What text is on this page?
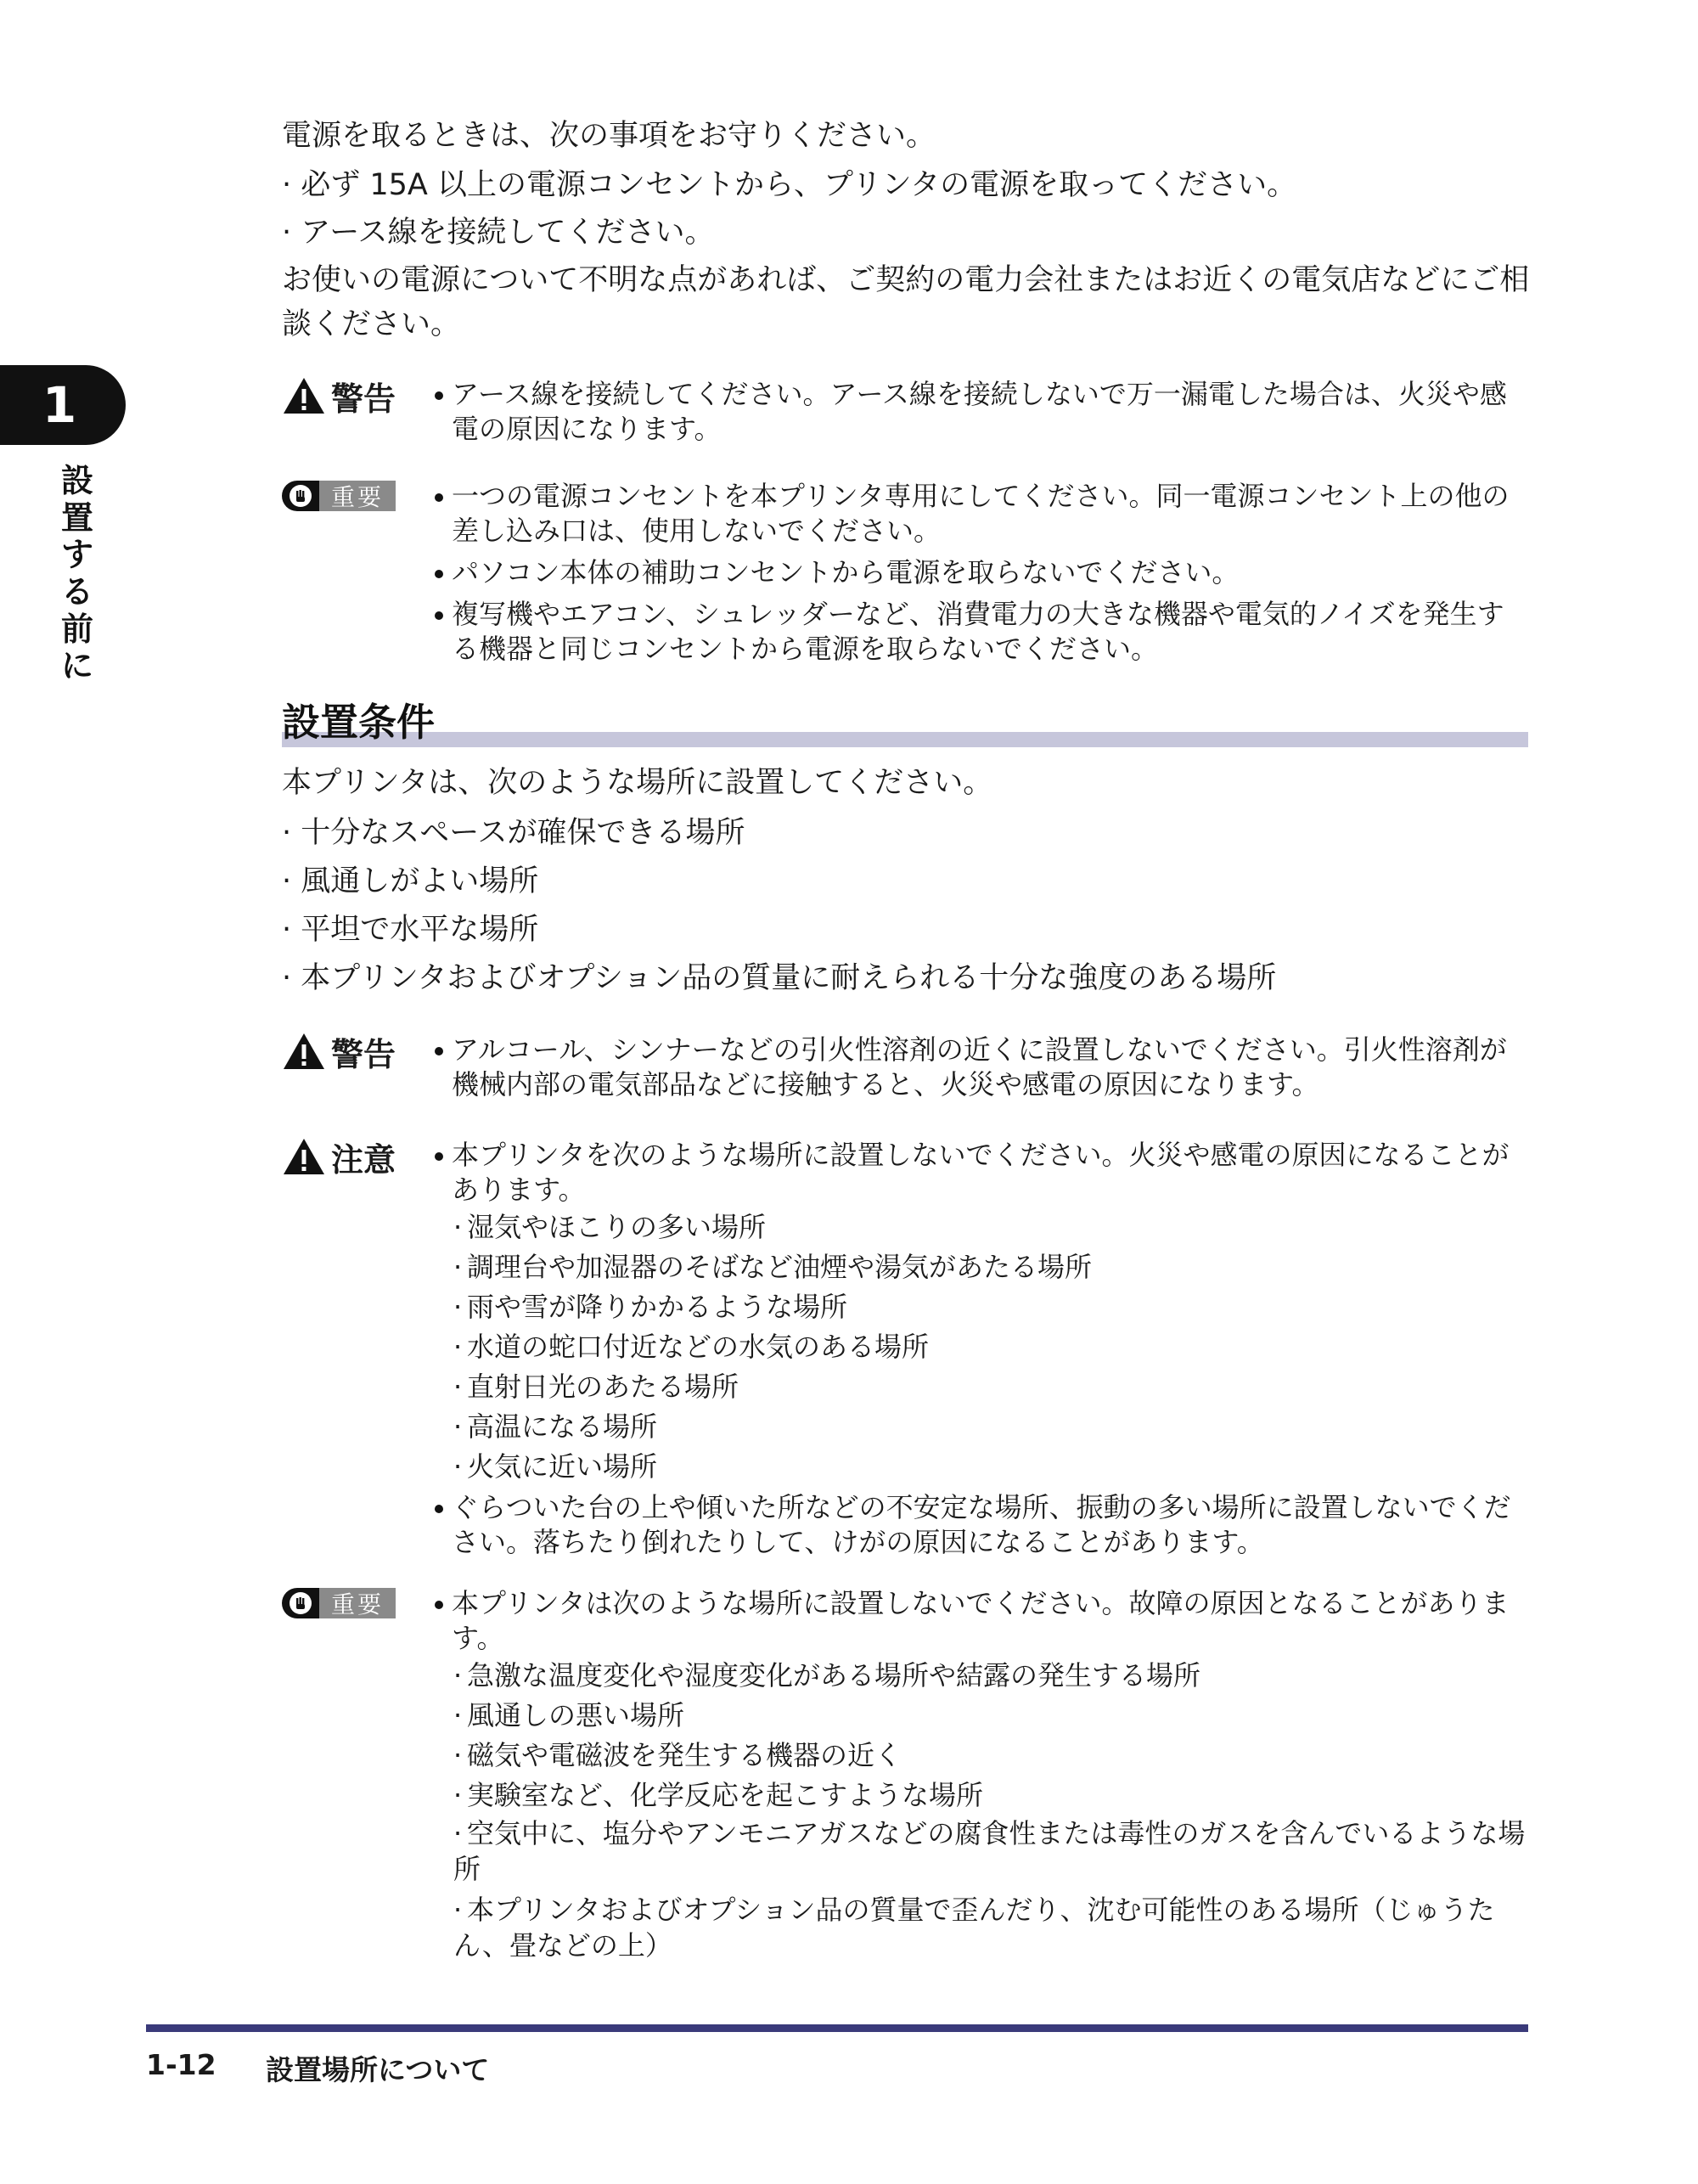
1
設置する前に
電源を取るときは、次の事項をお守りください。
· 必ず 15A 以上の電源コンセントから、プリンタの電源を取ってください。
· アース線を接続してください。
お使いの電源について不明な点があれば、ご契約の電力会社またはお近くの電気店などにご相談ください。
警告	アース線を接続してください。アース線を接続しないで万一漏電した場合は、火災や感電の原因になります。
重要	一つの電源コンセントを本プリンタ専用にしてください。同一電源コンセント上の他の差し込み口は、使用しないでください。
パソコン本体の補助コンセントから電源を取らないでください。
複写機やエアコン、シュレッダーなど、消費電力の大きな機器や電気的ノイズを発生する機器と同じコンセントから電源を取らないでください。
設置条件
本プリンタは、次のような場所に設置してください。
· 十分なスペースが確保できる場所
· 風通しがよい場所
· 平坦で水平な場所
· 本プリンタおよびオプション品の質量に耐えられる十分な強度のある場所
警告	アルコール、シンナーなどの引火性溶剤の近くに設置しないでください。引火性溶剤が機械内部の電気部品などに接触すると、火災や感電の原因になります。
注意	本プリンタを次のような場所に設置しないでください。火災や感電の原因になることがあります。
· 湿気やほこりの多い場所
· 調理台や加湿器のそばなど油煙や湯気があたる場所
· 雨や雪が降りかかるような場所
· 水道の蛇口付近などの水気のある場所
· 直射日光のあたる場所
· 高温になる場所
· 火気に近い場所
ぐらついた台の上や傾いた所などの不安定な場所、振動の多い場所に設置しないでください。落ちたり倒れたりして、けがの原因になることがあります。
重要	本プリンタは次のような場所に設置しないでください。故障の原因となることがあります。
· 急激な温度変化や湿度変化がある場所や結露の発生する場所
· 風通しの悪い場所
· 磁気や電磁波を発生する機器の近く
· 実験室など、化学反応を起こすような場所
· 空気中に、塩分やアンモニアガスなどの腐食性または毒性のガスを含んでいるような場所
· 本プリンタおよびオプション品の質量で歪んだり、沈む可能性のある場所（じゅうたん、畳などの上）
1-12 設置場所について
